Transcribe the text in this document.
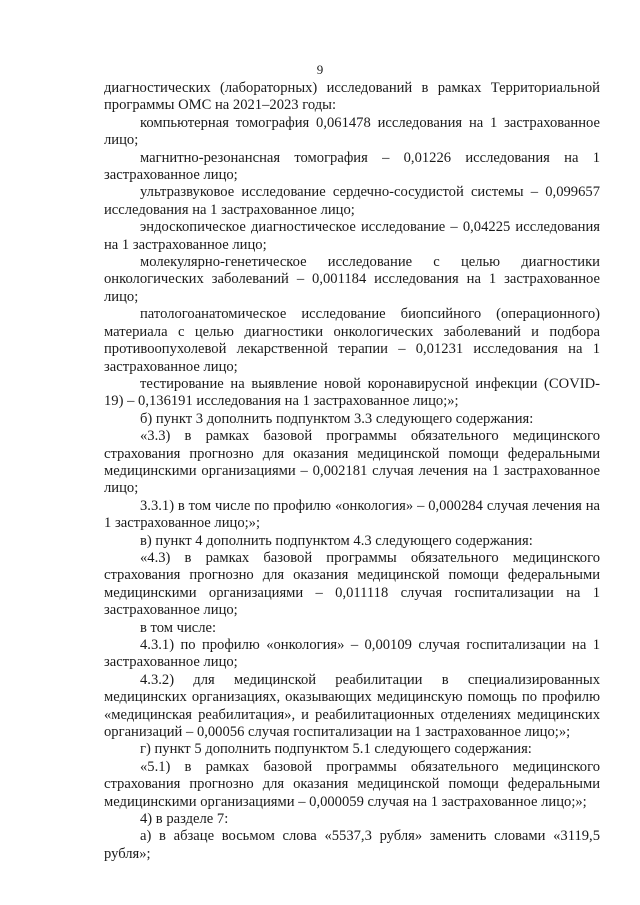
9

диагностических (лабораторных) исследований в рамках Территориальной программы ОМС на 2021–2023 годы:

компьютерная томография 0,061478 исследования на 1 застрахованное лицо;

магнитно-резонансная томография – 0,01226 исследования на 1 застрахованное лицо;

ультразвуковое исследование сердечно-сосудистой системы – 0,099657 исследования на 1 застрахованное лицо;

эндоскопическое диагностическое исследование – 0,04225 исследования на 1 застрахованное лицо;

молекулярно-генетическое исследование с целью диагностики онкологических заболеваний – 0,001184 исследования на 1 застрахованное лицо;

патологоанатомическое исследование биопсийного (операционного) материала с целью диагностики онкологических заболеваний и подбора противоопухолевой лекарственной терапии – 0,01231 исследования на 1 застрахованное лицо;

тестирование на выявление новой коронавирусной инфекции (COVID-19) – 0,136191 исследования на 1 застрахованное лицо;»;

б) пункт 3 дополнить подпунктом 3.3 следующего содержания:

«3.3) в рамках базовой программы обязательного медицинского страхования прогнозно для оказания медицинской помощи федеральными медицинскими организациями – 0,002181 случая лечения на 1 застрахованное лицо;

3.3.1) в том числе по профилю «онкология» – 0,000284 случая лечения на 1 застрахованное лицо;»;

в) пункт 4 дополнить подпунктом 4.3 следующего содержания:

«4.3) в рамках базовой программы обязательного медицинского страхования прогнозно для оказания медицинской помощи федеральными медицинскими организациями – 0,011118 случая госпитализации на 1 застрахованное лицо;

в том числе:

4.3.1) по профилю «онкология» – 0,00109 случая госпитализации на 1 застрахованное лицо;

4.3.2) для медицинской реабилитации в специализированных медицинских организациях, оказывающих медицинскую помощь по профилю «медицинская реабилитация», и реабилитационных отделениях медицинских организаций – 0,00056 случая госпитализации на 1 застрахованное лицо;»;

г) пункт 5 дополнить подпунктом 5.1 следующего содержания:

«5.1) в рамках базовой программы обязательного медицинского страхования прогнозно для оказания медицинской помощи федеральными медицинскими организациями – 0,000059 случая на 1 застрахованное лицо;»;

4) в разделе 7:

а) в абзаце восьмом слова «5537,3 рубля» заменить словами «3119,5 рубля»;
